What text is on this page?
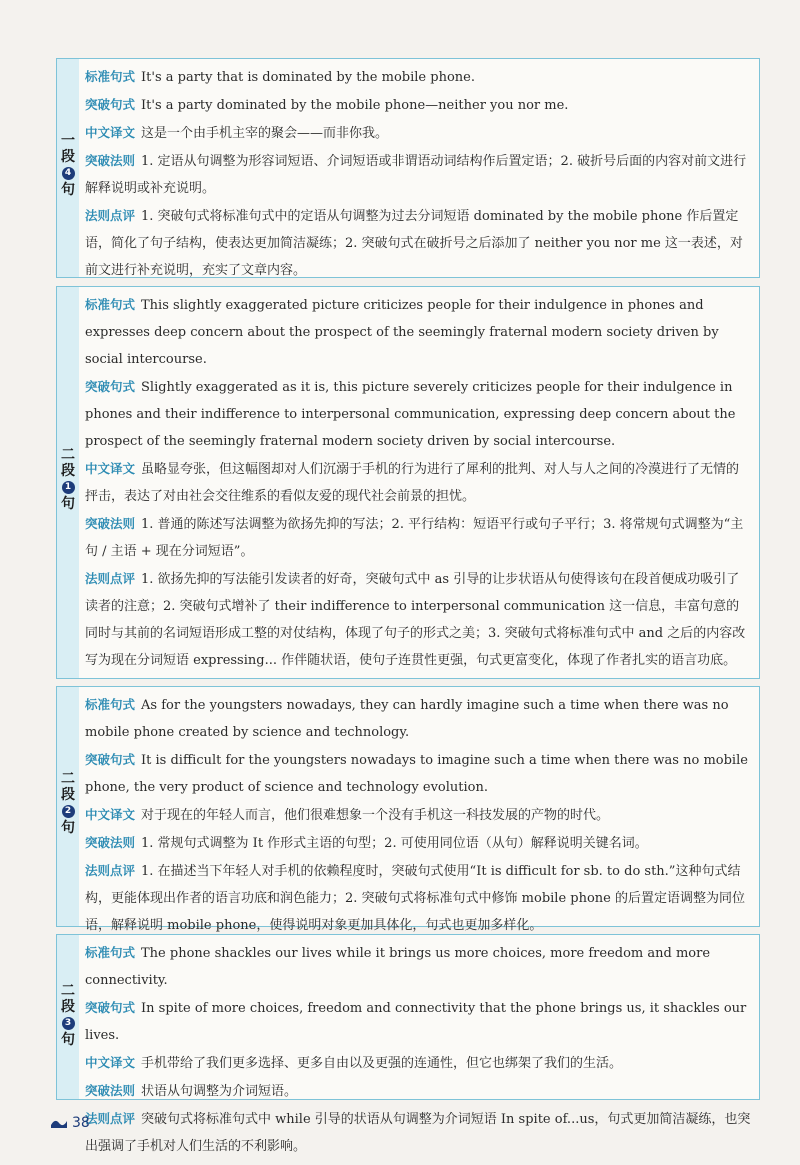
一
段
4
句

标准句式 It's a party that is dominated by the mobile phone.

突破句式 It's a party dominated by the mobile phone—neither you nor me.

中文译文 这是一个由手机主宰的聚会——而非你我。

突破法则 1. 定语从句调整为形容词短语、介词短语或非谓语动词结构作后置定语；2. 破折号后面的内容对前文进行解释说明或补充说明。

法则点评 1. 突破句式将标准句式中的定语从句调整为过去分词短语 dominated by the mobile phone 作后置定语，简化了句子结构，使表达更加简洁凝练；2. 突破句式在破折号之后添加了 neither you nor me 这一表述，对前文进行补充说明，充实了文章内容。

二
段
1
句

标准句式 This slightly exaggerated picture criticizes people for their indulgence in phones and expresses deep concern about the prospect of the seemingly fraternal modern society driven by social intercourse.

突破句式 Slightly exaggerated as it is, this picture severely criticizes people for their indulgence in phones and their indifference to interpersonal communication, expressing deep concern about the prospect of the seemingly fraternal modern society driven by social intercourse.

中文译文 虽略显夸张，但这幅图却对人们沉溺于手机的行为进行了犀利的批判、对人与人之间的冷漠进行了无情的抨击，表达了对由社会交往维系的看似友爱的现代社会前景的担忧。

突破法则 1. 普通的陈述写法调整为欲扬先抑的写法；2. 平行结构：短语平行或句子平行；3. 将常规句式调整为“主句 / 主语 + 现在分词短语”。

法则点评 1. 欲扬先抑的写法能引发读者的好奇，突破句式中 as 引导的让步状语从句使得该句在段首便成功吸引了读者的注意；2. 突破句式增补了 their indifference to interpersonal communication 这一信息，丰富句意的同时与其前的名词短语形成工整的对仗结构，体现了句子的形式之美；3. 突破句式将标准句式中 and 之后的内容改写为现在分词短语 expressing... 作伴随状语，使句子连贯性更强，句式更富变化，体现了作者扎实的语言功底。

二
段
2
句

标准句式 As for the youngsters nowadays, they can hardly imagine such a time when there was no mobile phone created by science and technology.

突破句式 It is difficult for the youngsters nowadays to imagine such a time when there was no mobile phone, the very product of science and technology evolution.

中文译文 对于现在的年轻人而言，他们很难想象一个没有手机这一科技发展的产物的时代。

突破法则 1. 常规句式调整为 It 作形式主语的句型；2. 可使用同位语（从句）解释说明关键名词。

法则点评 1. 在描述当下年轻人对手机的依赖程度时，突破句式使用“It is difficult for sb. to do sth.”这种句式结构，更能体现出作者的语言功底和润色能力；2. 突破句式将标准句式中修饰 mobile phone 的后置定语调整为同位语，解释说明 mobile phone，使得说明对象更加具体化，句式也更加多样化。

二
段
3
句

标准句式 The phone shackles our lives while it brings us more choices, more freedom and more connectivity.

突破句式 In spite of more choices, freedom and connectivity that the phone brings us, it shackles our lives.

中文译文 手机带给了我们更多选择、更多自由以及更强的连通性，但它也绑架了我们的生活。

突破法则 状语从句调整为介词短语。

法则点评 突破句式将标准句式中 while 引导的状语从句调整为介词短语 In spite of...us，句式更加简洁凝练，也突出强调了手机对人们生活的不利影响。

38
